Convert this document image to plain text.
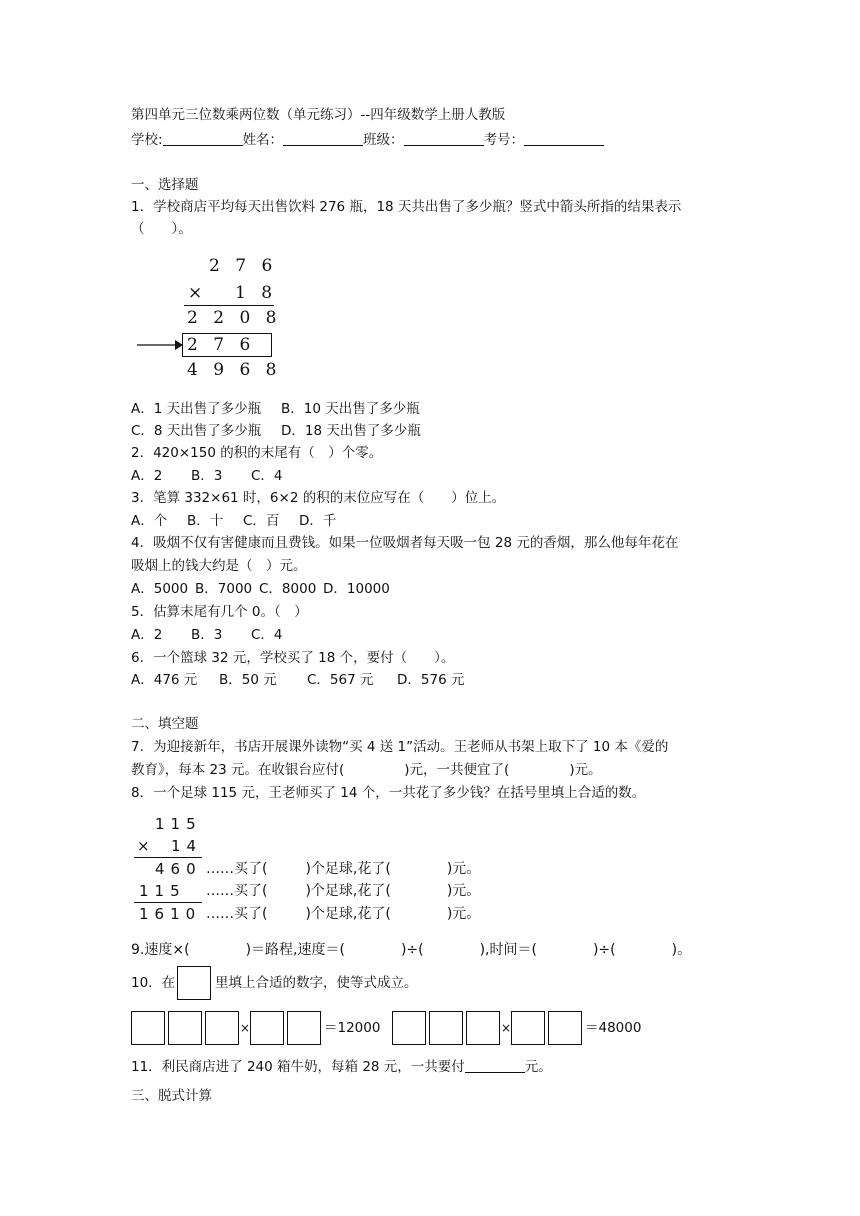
第四单元三位数乘两位数（单元练习）--四年级数学上册人教版
学校:	姓名：	班级：	考号：
一、选择题
1．学校商店平均每天出售饮料 276 瓶，18 天共出售了多少瓶？竖式中箭头所指的结果表示
（　　）。
2 7 6
× 1 8
2 2 0 8
2 7 6
4 9 6 8
A．1 天出售了多少瓶 B．10 天出售了多少瓶
C．8 天出售了多少瓶 D．18 天出售了多少瓶
2．420×150 的积的末尾有（　）个零。
A．2 B．3 C．4
3．笔算 332×61 时，6×2 的积的末位应写在（　　）位上。
A．个 B．十 C．百 D．千
4．吸烟不仅有害健康而且费钱。如果一位吸烟者每天吸一包 28 元的香烟，那么他每年花在
吸烟上的钱大约是（　）元。
A．5000 B．7000 C．8000 D．10000
5．估算末尾有几个 0。（　）
A．2 B．3 C．4
6．一个篮球 32 元，学校买了 18 个，要付（　　）。
A．476 元 B．50 元 C．567 元 D．576 元
二、填空题
7．为迎接新年，书店开展课外读物“买 4 送 1”活动。王老师从书架上取下了 10 本《爱的
教育》，每本 23 元。在收银台应付(	)元，一共便宜了(	)元。
8．一个足球 115 元，王老师买了 14 个，一共花了多少钱？在括号里填上合适的数。
115
× 14
460
115
1610
……买了(	)个足球,花了(	)元。
……买了(	)个足球,花了(	)元。
……买了(	)个足球,花了(	)元。
9.速度×(	)＝路程,速度＝(	)÷(	),时间＝(	)÷(	)。
10．在	里填上合适的数字，使等式成立。
×	＝12000	×	＝48000
11．利民商店进了 240 箱牛奶，每箱 28 元，一共要付	元。
三、脱式计算
